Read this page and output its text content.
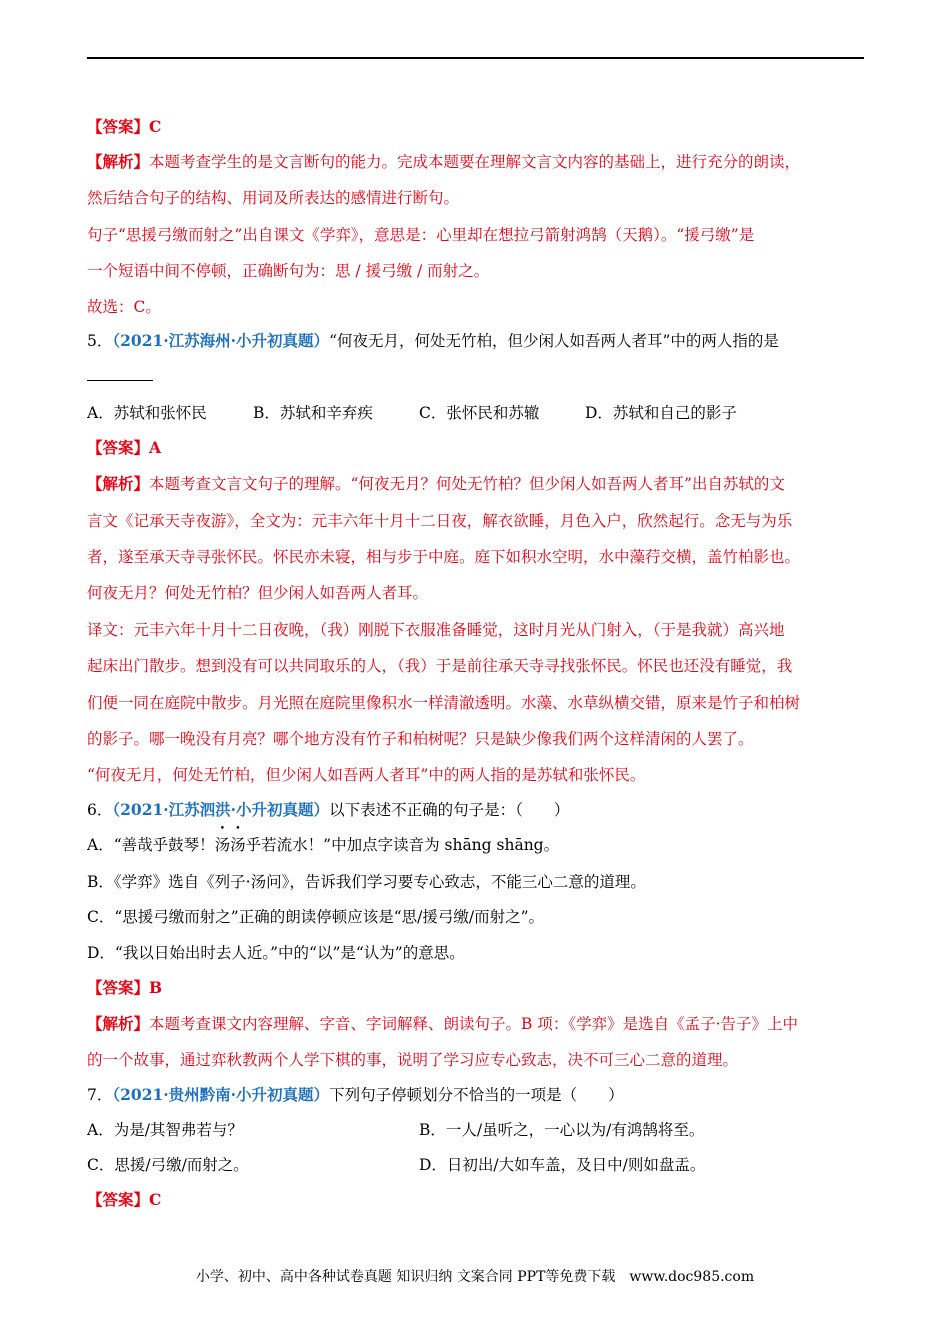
【答案】C
【解析】本题考查学生的是文言断句的能力。完成本题要在理解文言文内容的基础上，进行充分的朗读，
然后结合句子的结构、用词及所表达的感情进行断句。
句子“思援弓缴而射之”出自课文《学弈》，意思是：心里却在想拉弓箭射鸿鹄（天鹅）。“援弓缴”是
一个短语中间不停顿，正确断句为：思 / 援弓缴 / 而射之。
故选：C。
5．（2021·江苏海州·小升初真题）“何夜无月，何处无竹柏，但少闲人如吾两人者耳”中的两人指的是
A．苏轼和张怀民	B．苏轼和辛弃疾	C．张怀民和苏辙	D．苏轼和自己的影子
【答案】A
【解析】本题考查文言文句子的理解。“何夜无月？何处无竹柏？但少闲人如吾两人者耳”出自苏轼的文
言文《记承天寺夜游》，全文为：元丰六年十月十二日夜，解衣欲睡，月色入户，欣然起行。念无与为乐
者，遂至承天寺寻张怀民。怀民亦未寝，相与步于中庭。庭下如积水空明，水中藻荇交横，盖竹柏影也。
何夜无月？何处无竹柏？但少闲人如吾两人者耳。
译文：元丰六年十月十二日夜晚，（我）刚脱下衣服准备睡觉，这时月光从门射入，（于是我就）高兴地
起床出门散步。想到没有可以共同取乐的人，（我）于是前往承天寺寻找张怀民。怀民也还没有睡觉，我
们便一同在庭院中散步。月光照在庭院里像积水一样清澈透明。水藻、水草纵横交错，原来是竹子和柏树
的影子。哪一晚没有月亮？哪个地方没有竹子和柏树呢？只是缺少像我们两个这样清闲的人罢了。
“何夜无月，何处无竹柏，但少闲人如吾两人者耳”中的两人指的是苏轼和张怀民。
6．（2021·江苏泗洪·小升初真题）以下表述不正确的句子是：（　　）
A．“善哉乎鼓琴！汤汤乎若流水！”中加点字读音为 shāng shāng。
B．《学弈》选自《列子·汤问》，告诉我们学习要专心致志，不能三心二意的道理。
C．“思援弓缴而射之”正确的朗读停顿应该是“思/援弓缴/而射之”。
D．“我以日始出时去人近。”中的“以”是“认为”的意思。
【答案】B
【解析】本题考查课文内容理解、字音、字词解释、朗读句子。B 项：《学弈》是选自《孟子·告子》上中
的一个故事，通过弈秋教两个人学下棋的事，说明了学习应专心致志，决不可三心二意的道理。
7．（2021·贵州黔南·小升初真题）下列句子停顿划分不恰当的一项是（　　）
A．为是/其智弗若与？	B．一人/虽听之，一心以为/有鸿鹄将至。
C．思援/弓缴/而射之。	D．日初出/大如车盖，及日中/则如盘盂。
【答案】C
小学、初中、高中各种试卷真题 知识归纳 文案合同 PPT等免费下载　www.doc985.com
